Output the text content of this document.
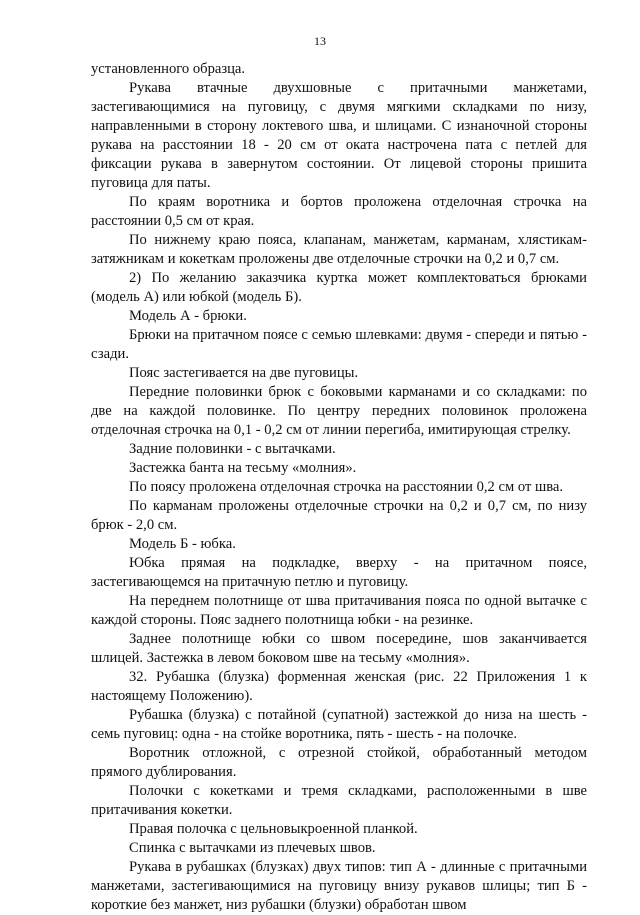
13

установленного образца.

Рукава втачные двухшовные с притачными манжетами, застегивающимися на пуговицу, с двумя мягкими складками по низу, направленными в сторону локтевого шва, и шлицами. С изнаночной стороны рукава на расстоянии 18 - 20 см от оката настрочена пата с петлей для фиксации рукава в завернутом состоянии. От лицевой стороны пришита пуговица для паты.

По краям воротника и бортов проложена отделочная строчка на расстоянии 0,5 см от края.

По нижнему краю пояса, клапанам, манжетам, карманам, хлястикам-затяжникам и кокеткам проложены две отделочные строчки на 0,2 и 0,7 см.

2) По желанию заказчика куртка может комплектоваться брюками (модель А) или юбкой (модель Б).

Модель А - брюки.

Брюки на притачном поясе с семью шлевками: двумя - спереди и пятью - сзади.

Пояс застегивается на две пуговицы.

Передние половинки брюк с боковыми карманами и со складками: по две на каждой половинке. По центру передних половинок проложена отделочная строчка на 0,1 - 0,2 см от линии перегиба, имитирующая стрелку.

Задние половинки - с вытачками.

Застежка банта на тесьму «молния».

По поясу проложена отделочная строчка на расстоянии 0,2 см от шва.

По карманам проложены отделочные строчки на 0,2 и 0,7 см, по низу брюк - 2,0 см.

Модель Б - юбка.

Юбка прямая на подкладке, вверху - на притачном поясе, застегивающемся на притачную петлю и пуговицу.

На переднем полотнище от шва притачивания пояса по одной вытачке с каждой стороны. Пояс заднего полотнища юбки - на резинке.

Заднее полотнище юбки со швом посередине, шов заканчивается шлицей. Застежка в левом боковом шве на тесьму «молния».

32. Рубашка (блузка) форменная женская (рис. 22 Приложения 1 к настоящему Положению).

Рубашка (блузка) с потайной (супатной) застежкой до низа на шесть - семь пуговиц: одна - на стойке воротника, пять - шесть - на полочке.

Воротник отложной, с отрезной стойкой, обработанный методом прямого дублирования.

Полочки с кокетками и тремя складками, расположенными в шве притачивания кокетки.

Правая полочка с цельновыкроенной планкой.

Спинка с вытачками из плечевых швов.

Рукава в рубашках (блузках) двух типов: тип А - длинные с притачными манжетами, застегивающимися на пуговицу внизу рукавов шлицы; тип Б - короткие без манжет, низ рубашки (блузки) обработан швом
